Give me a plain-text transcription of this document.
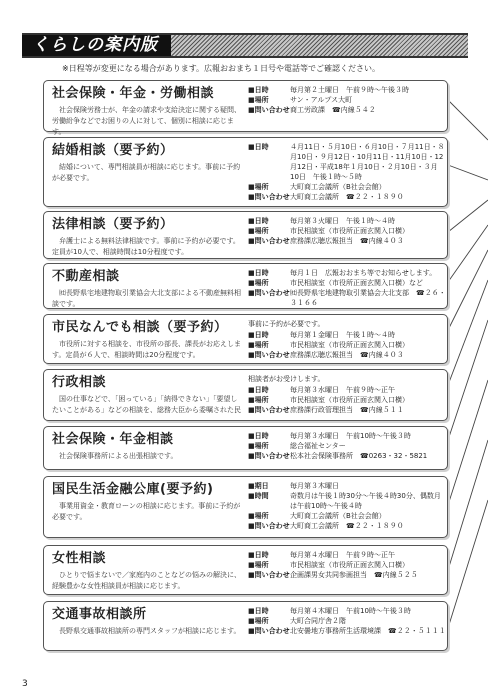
くらしの案内版
※日程等が変更になる場合があります。広報おおまち１日号や電話等でご確認ください。
社会保険・年金・労働相談
社会保険労務士が、年金の請求や支給決定に関する疑問、労働紛争などでお困りの人に対して、個別に相談に応じます。
■日時	毎月第２土曜日　午前９時～午後３時
■場所	サン・アルプス大町
■問い合わせ 商工労政課　☎内線５４２
結婚相談（要予約）
結婚について、専門相談員が相談に応じます。事前に予約が必要です。
■日時	４月11日・５月10日・６月10日・７月11日・８月10日・９月12日・10月11日・11月10日・12月12日・平成18年１月10日・２月10日・３月10日　午後１時～５時
■場所	大町商工会議所（B社会会館）
■問い合わせ 大町商工会議所　☎２２・１８９０
法律相談（要予約）
弁護士による無料法律相談です。事前に予約が必要です。定員が10人で、相談時間は10分程度です。
■日時	毎月第３火曜日　午後１時～４時
■場所	市民相談室（市役所正面玄関入口横）
■問い合わせ 庶務課広聴広報担当　☎内線４０３
不動産相談
㈳長野県宅地建物取引業協会大北支部による不動産無料相談です。
■日時	毎月１日　広報おおまち等でお知らせします。
■場所	市民相談室（市役所正面玄関入口横）など
■問い合わせ ㈳長野県宅地建物取引業協会大北支部　☎２６・３１６６
市民なんでも相談（要予約）
市役所に対する相談を、市役所の部長、課長がお応えします。定員が６人で、相談時間は20分程度です。
事前に予約が必要です。
■日時	毎月第１金曜日　午後１時～４時
■場所	市民相談室（市役所正面玄関入口横）
■問い合わせ 庶務課広聴広報担当　☎内線４０３
行政相談
国の仕事などで、「困っている」「納得できない」「要望したいことがある」などの相談を、総務大臣から委嘱された民
相談者がお受けします。
■日時	毎月第３水曜日　午前９時～正午
■場所	市民相談室（市役所正面玄関入口横）
■問い合わせ 庶務課行政管理担当　☎内線５１１
社会保険・年金相談
社会保険事務所による出張相談です。
■日時	毎月第３水曜日　午前10時～午後３時
■場所	総合福祉センター
■問い合わせ 松本社会保険事務所　☎0263・32・5821
国民生活金融公庫(要予約)
事業用資金・教育ローンの相談に応じます。事前に予約が必要です。
■期日	毎月第３木曜日
■時間	奇数月は午後１時30分～午後４時30分、偶数月は午前10時～午後４時
■場所	大町商工会議所（B社会会館）
■問い合わせ 大町商工会議所　☎２２・１８９０
女性相談
ひとりで悩まないで／家庭内のことなどの悩みの解決に、経験豊かな女性相談員が相談に応じます。
■日時	毎月第４水曜日　午前９時～正午
■場所	市民相談室（市役所正面玄関入口横）
■問い合わせ 企画課男女共同参画担当　☎内線５２５
交通事故相談所
長野県交通事故相談所の専門スタッフが相談に応じます。
■日時	毎月第４木曜日　午前10時～午後３時
■場所	大町合同庁舎２階
■問い合わせ 北安曇地方事務所生活環境課　☎２２・５１１１
3
